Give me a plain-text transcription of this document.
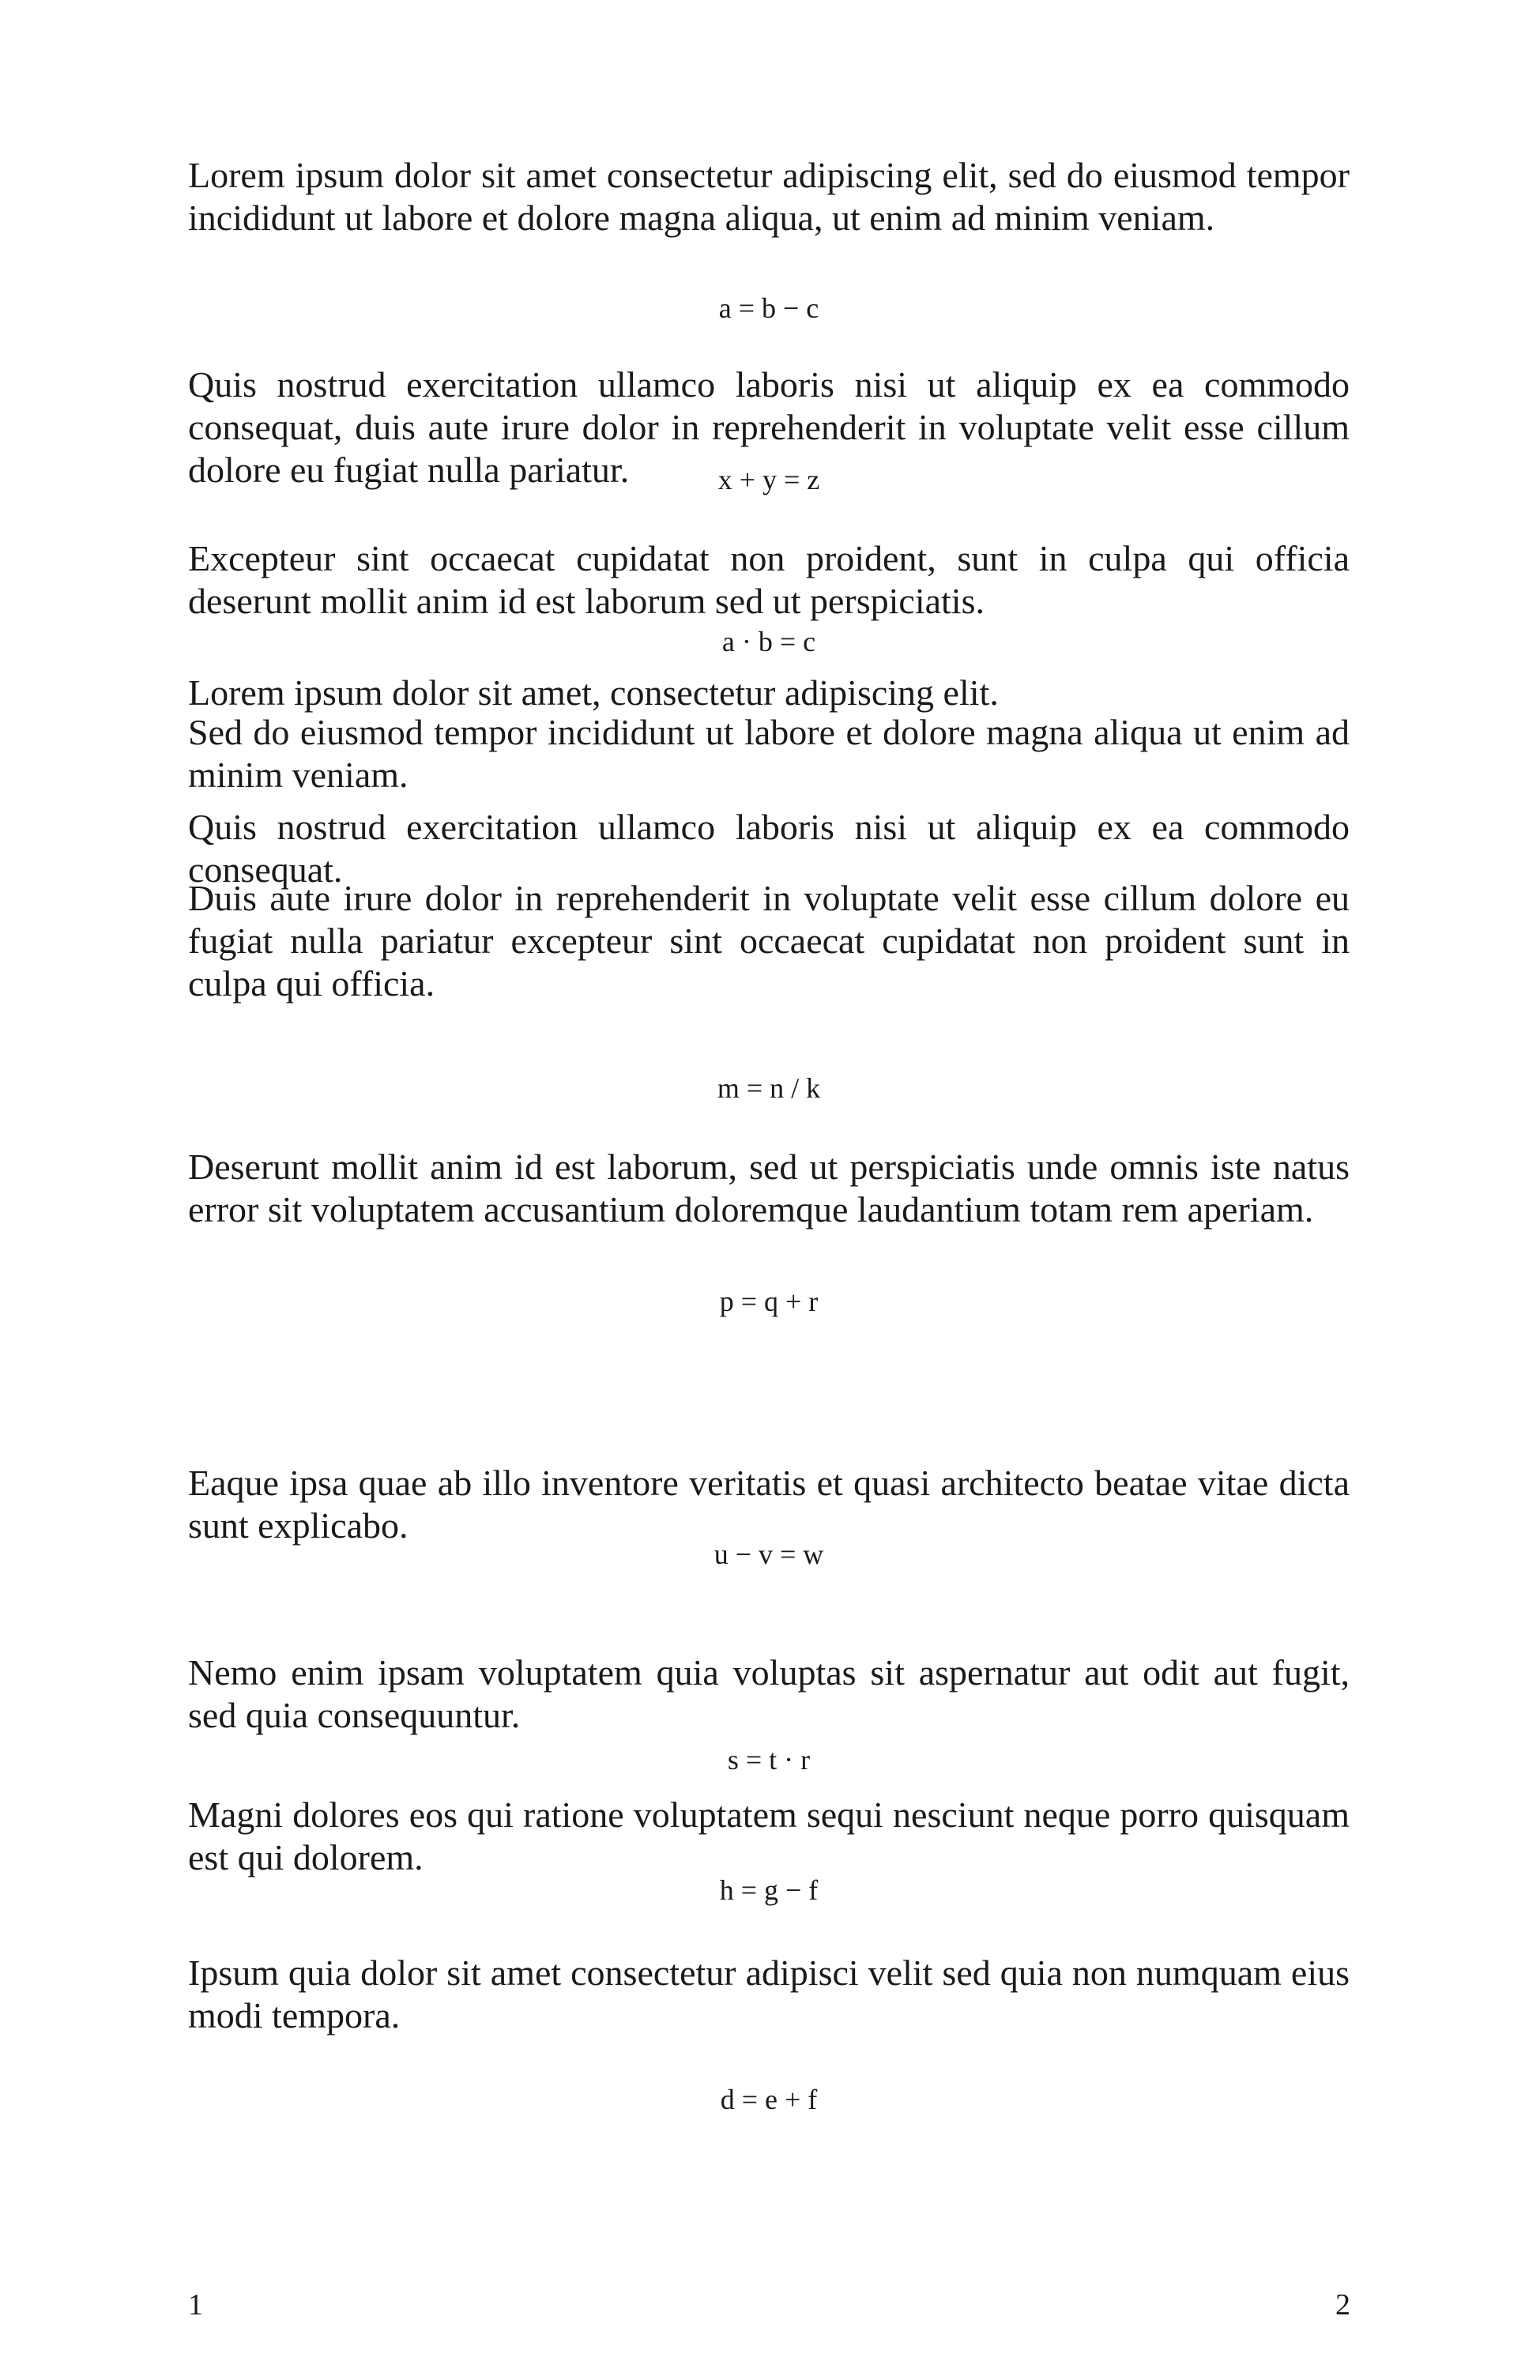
Lorem ipsum dolor sit amet consectetur adipiscing elit, sed do eiusmod tempor incididunt ut labore et dolore magna aliqua, ut enim ad minim veniam.

a = b − c

Quis nostrud exercitation ullamco laboris nisi ut aliquip ex ea commodo consequat, duis aute irure dolor in reprehenderit in voluptate velit esse cillum dolore eu fugiat nulla pariatur.	x + y = z

Excepteur sint occaecat cupidatat non proident, sunt in culpa qui officia deserunt mollit anim id est laborum sed ut perspiciatis.

a · b = c

Lorem ipsum dolor sit amet, consectetur adipiscing elit.

Sed do eiusmod tempor incididunt ut labore et dolore magna aliqua ut enim ad minim veniam.

Quis nostrud exercitation ullamco laboris nisi ut aliquip ex ea commodo consequat.

Duis aute irure dolor in reprehenderit in voluptate velit esse cillum dolore eu fugiat nulla pariatur excepteur sint occaecat cupidatat non proident sunt in culpa qui officia.

m = n / k

Deserunt mollit anim id est laborum, sed ut perspiciatis unde omnis iste natus error sit voluptatem accusantium doloremque laudantium totam rem aperiam.

p = q + r

Eaque ipsa quae ab illo inventore veritatis et quasi architecto beatae vitae dicta sunt explicabo.

u − v = w

Nemo enim ipsam voluptatem quia voluptas sit aspernatur aut odit aut fugit, sed quia consequuntur.

s = t · r

Magni dolores eos qui ratione voluptatem sequi nesciunt neque porro quisquam est qui dolorem.

h = g − f

Ipsum quia dolor sit amet consectetur adipisci velit sed quia non numquam eius modi tempora.

d = e + f
1	2
